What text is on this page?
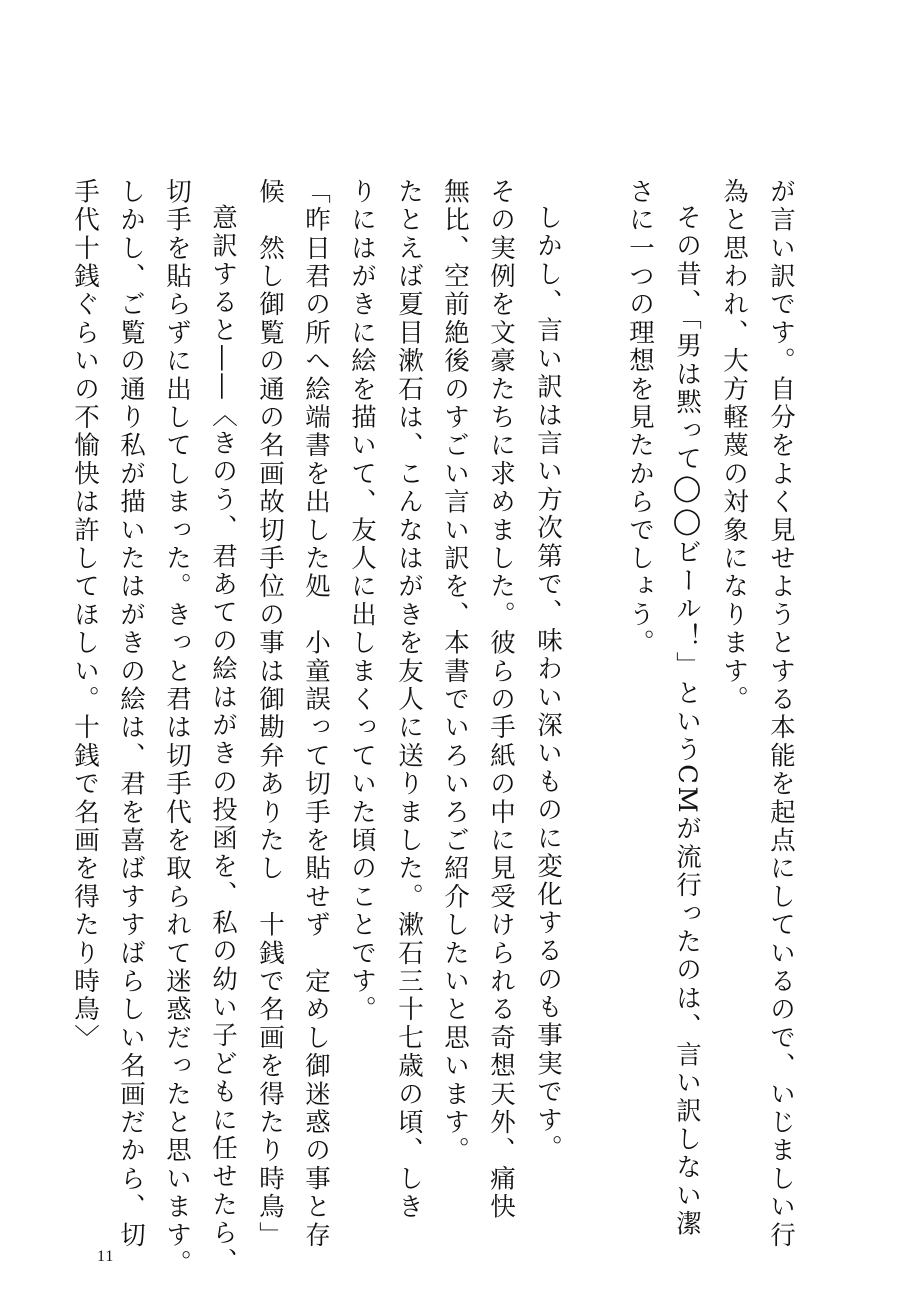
が言い訳です。自分をよく見せようとする本能を起点にしているので、いじましい行

為と思われ、大方軽蔑の対象になります。

その昔、「男は黙って◯◯ビール！」というCMが流行ったのは、言い訳しない潔

さに一つの理想を見たからでしょう。

しかし、言い訳は言い方次第で、味わい深いものに変化するのも事実です。

その実例を文豪たちに求めました。彼らの手紙の中に見受けられる奇想天外、痛快

無比、空前絶後のすごい言い訳を、本書でいろいろご紹介したいと思います。

たとえば夏目漱石は、こんなはがきを友人に送りました。漱石三十七歳の頃、しき

りにはがきに絵を描いて、友人に出しまくっていた頃のことです。

「昨日君の所へ絵端書を出した処　小童誤って切手を貼せず　定めし御迷惑の事と存

候　然し御覧の通の名画故切手位の事は御勘弁ありたし　十銭で名画を得たり時鳥」

意訳すると――〈きのう、君あての絵はがきの投函を、私の幼い子どもに任せたら、

切手を貼らずに出してしまった。きっと君は切手代を取られて迷惑だったと思います。

しかし、ご覧の通り私が描いたはがきの絵は、君を喜ばすすばらしい名画だから、切

手代十銭ぐらいの不愉快は許してほしい。十銭で名画を得たり時鳥〉

11
